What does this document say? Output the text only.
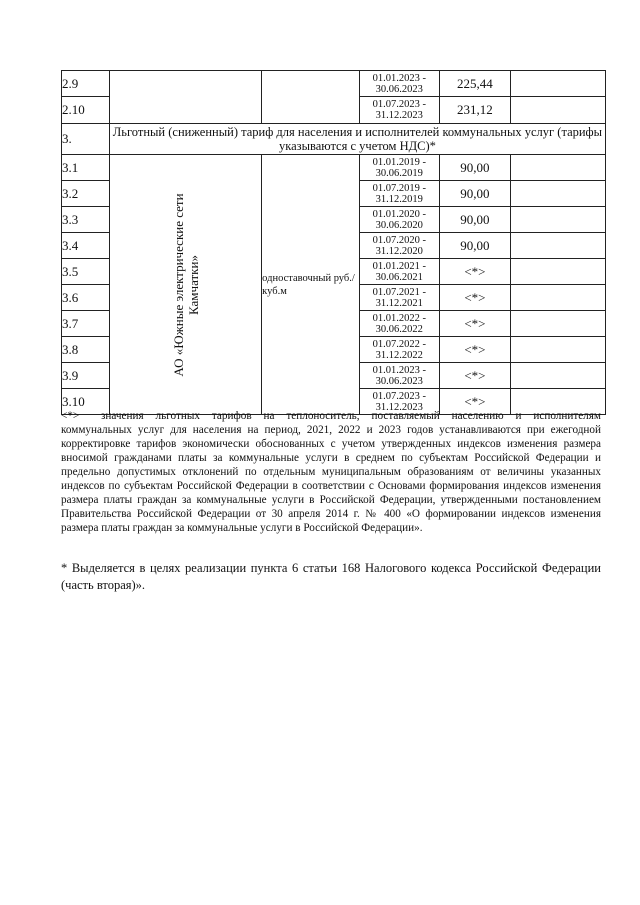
2.9			01.01.2023 -
30.06.2023	225,44	
2.10			01.07.2023 -
31.12.2023	231,12	
3.	Льготный (сниженный) тариф для населения и исполнителей коммунальных услуг (тарифы указываются с учетом НДС)*				
3.1	АО «Южные электрические сети Камчатки»	одноставочный руб./куб.м	01.01.2019 -
30.06.2019	90,00	
3.2			01.07.2019 -
31.12.2019	90,00	
3.3			01.01.2020 -
30.06.2020	90,00	
3.4			01.07.2020 -
31.12.2020	90,00	
3.5			01.01.2021 -
30.06.2021	<*>	
3.6			01.07.2021 -
31.12.2021	<*>	
3.7			01.01.2022 -
30.06.2022	<*>	
3.8			01.07.2022 -
31.12.2022	<*>	
3.9			01.01.2023 -
30.06.2023	<*>	
3.10			01.07.2023 -
31.12.2023	<*>	
<*> значения льготных тарифов на теплоноситель, поставляемый населению и исполнителям коммунальных услуг для населения на период, 2021, 2022 и 2023 годов устанавливаются при ежегодной корректировке тарифов экономически обоснованных с учетом утвержденных индексов изменения размера вносимой гражданами платы за коммунальные услуги в среднем по субъектам Российской Федерации и предельно допустимых отклонений по отдельным муниципальным образованиям от величины указанных индексов по субъектам Российской Федерации в соответствии с Основами формирования индексов изменения размера платы граждан за коммунальные услуги в Российской Федерации, утвержденными постановлением Правительства Российской Федерации от 30 апреля 2014 г. № 400 «О формировании индексов изменения размера платы граждан за коммунальные услуги в Российской Федерации».
* Выделяется в целях реализации пункта 6 статьи 168 Налогового кодекса Российской Федерации (часть вторая)».
